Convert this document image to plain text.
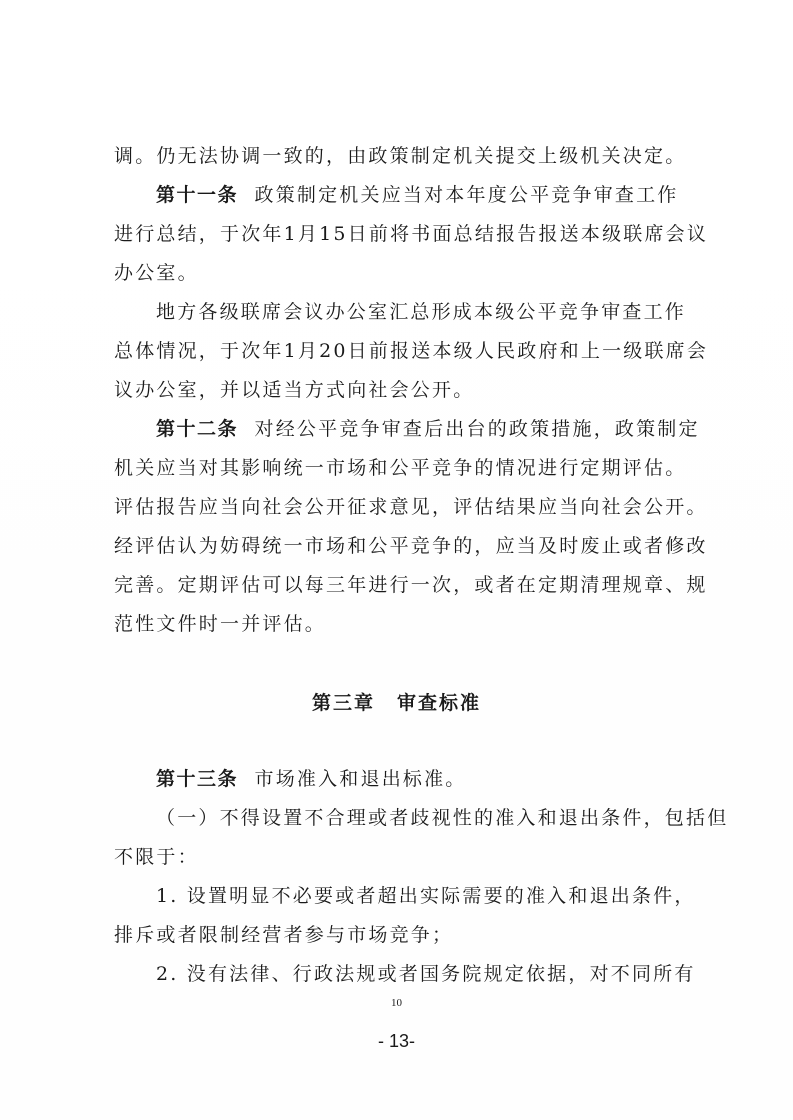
调。仍无法协调一致的，由政策制定机关提交上级机关决定。
第十一条 政策制定机关应当对本年度公平竞争审查工作
进行总结，于次年1月15日前将书面总结报告报送本级联席会议
办公室。
地方各级联席会议办公室汇总形成本级公平竞争审查工作
总体情况，于次年1月20日前报送本级人民政府和上一级联席会
议办公室，并以适当方式向社会公开。
第十二条 对经公平竞争审查后出台的政策措施，政策制定
机关应当对其影响统一市场和公平竞争的情况进行定期评估。
评估报告应当向社会公开征求意见，评估结果应当向社会公开。
经评估认为妨碍统一市场和公平竞争的，应当及时废止或者修改
完善。定期评估可以每三年进行一次，或者在定期清理规章、规
范性文件时一并评估。
第三章 审查标准
第十三条 市场准入和退出标准。
（一）不得设置不合理或者歧视性的准入和退出条件，包括但
不限于：
1. 设置明显不必要或者超出实际需要的准入和退出条件，
排斥或者限制经营者参与市场竞争；
2. 没有法律、行政法规或者国务院规定依据，对不同所有
10
- 13-
